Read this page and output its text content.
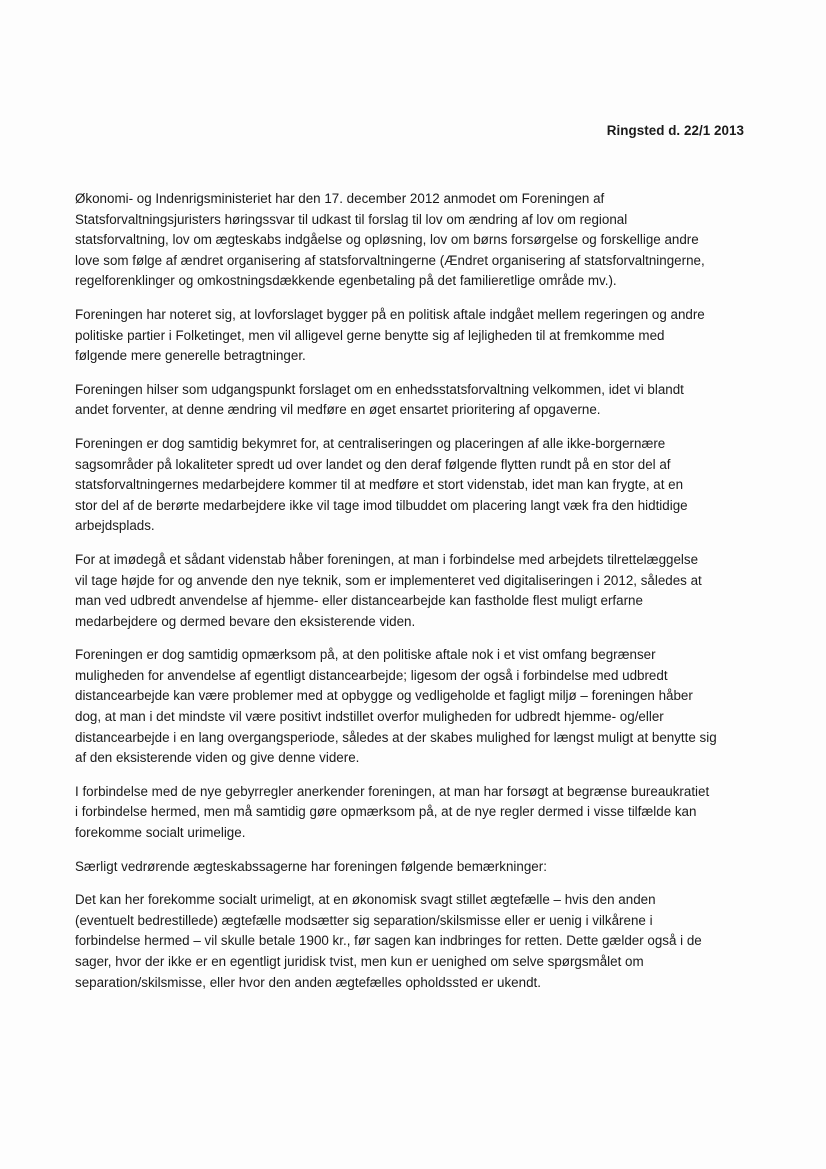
Ringsted d. 22/1 2013

Økonomi- og Indenrigsministeriet har den 17. december 2012 anmodet om Foreningen af
Statsforvaltningsjuristers høringssvar til udkast til forslag til lov om ændring af lov om regional
statsforvaltning, lov om ægteskabs indgåelse og opløsning, lov om børns forsørgelse og forskellige andre
love som følge af ændret organisering af statsforvaltningerne (Ændret organisering af statsforvaltningerne,
regelforenklinger og omkostningsdækkende egenbetaling på det familieretlige område mv.).

Foreningen har noteret sig, at lovforslaget bygger på en politisk aftale indgået mellem regeringen og andre
politiske partier i Folketinget, men vil alligevel gerne benytte sig af lejligheden til at fremkomme med
følgende mere generelle betragtninger.

Foreningen hilser som udgangspunkt forslaget om en enhedsstatsforvaltning velkommen, idet vi blandt
andet forventer, at denne ændring vil medføre en øget ensartet prioritering af opgaverne.

Foreningen er dog samtidig bekymret for, at centraliseringen og placeringen af alle ikke-borgernære
sagsområder på lokaliteter spredt ud over landet og den deraf følgende flytten rundt på en stor del af
statsforvaltningernes medarbejdere kommer til at medføre et stort videnstab, idet man kan frygte, at en
stor del af de berørte medarbejdere ikke vil tage imod tilbuddet om placering langt væk fra den hidtidige
arbejdsplads.

For at imødegå et sådant videnstab håber foreningen, at man i forbindelse med arbejdets tilrettelæggelse
vil tage højde for og anvende den nye teknik, som er implementeret ved digitaliseringen i 2012, således at
man ved udbredt anvendelse af hjemme- eller distancearbejde kan fastholde flest muligt erfarne
medarbejdere og dermed bevare den eksisterende viden.

Foreningen er dog samtidig opmærksom på, at den politiske aftale nok i et vist omfang begrænser
muligheden for anvendelse af egentligt distancearbejde; ligesom der også i forbindelse med udbredt
distancearbejde kan være problemer med at opbygge og vedligeholde et fagligt miljø – foreningen håber
dog, at man i det mindste vil være positivt indstillet overfor muligheden for udbredt hjemme- og/eller
distancearbejde i en lang overgangsperiode, således at der skabes mulighed for længst muligt at benytte sig
af den eksisterende viden og give denne videre.

I forbindelse med de nye gebyrregler anerkender foreningen, at man har forsøgt at begrænse bureaukratiet
i forbindelse hermed, men må samtidig gøre opmærksom på, at de nye regler dermed i visse tilfælde kan
forekomme socialt urimelige.

Særligt vedrørende ægteskabssagerne har foreningen følgende bemærkninger:

Det kan her forekomme socialt urimeligt, at en økonomisk svagt stillet ægtefælle – hvis den anden
(eventuelt bedrestillede) ægtefælle modsætter sig separation/skilsmisse eller er uenig i vilkårene i
forbindelse hermed – vil skulle betale 1900 kr., før sagen kan indbringes for retten. Dette gælder også i de
sager, hvor der ikke er en egentligt juridisk tvist, men kun er uenighed om selve spørgsmålet om
separation/skilsmisse, eller hvor den anden ægtefælles opholdssted er ukendt.
